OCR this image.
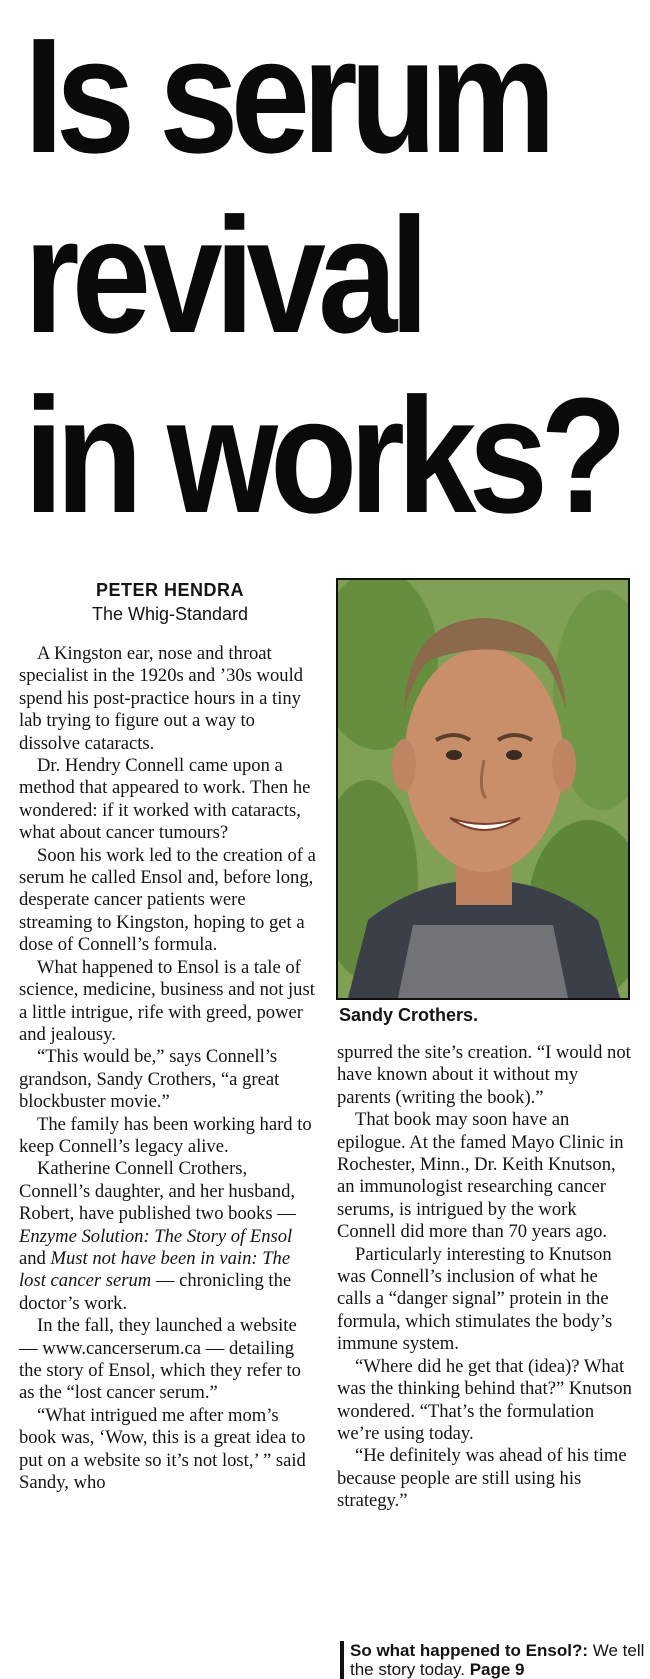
Is serum
revival
in works?
PETER HENDRA
The Whig-Standard

A Kingston ear, nose and throat specialist in the 1920s and ’30s would spend his post-practice hours in a tiny lab trying to figure out a way to dissolve cataracts.

Dr. Hendry Connell came upon a method that appeared to work. Then he wondered: if it worked with cataracts, what about cancer tumours?

Soon his work led to the creation of a serum he called Ensol and, before long, desperate cancer patients were streaming to Kingston, hoping to get a dose of Connell’s formula.

What happened to Ensol is a tale of science, medicine, business and not just a little intrigue, rife with greed, power and jealousy.

“This would be,” says Connell’s grandson, Sandy Crothers, “a great blockbuster movie.”

The family has been working hard to keep Connell’s legacy alive.

Katherine Connell Crothers, Connell’s daughter, and her husband, Robert, have published two books — Enzyme Solution: The Story of Ensol and Must not have been in vain: The lost cancer serum — chronicling the doctor’s work.

In the fall, they launched a website — www.cancerserum.ca — detailing the story of Ensol, which they refer to as the “lost cancer serum.”

“What intrigued me after mom’s book was, ‘Wow, this is a great idea to put on a website so it’s not lost,’ ” said Sandy, who

Sandy Crothers.

spurred the site’s creation. “I would not have known about it without my parents (writing the book).”

That book may soon have an epilogue. At the famed Mayo Clinic in Rochester, Minn., Dr. Keith Knutson, an immunologist researching cancer serums, is intrigued by the work Connell did more than 70 years ago.

Particularly interesting to Knutson was Connell’s inclusion of what he calls a “danger signal” protein in the formula, which stimulates the body’s immune system.

“Where did he get that (idea)? What was the thinking behind that?” Knutson wondered. “That’s the formulation we’re using today.

“He definitely was ahead of his time because people are still using his strategy.”

So what happened to Ensol?: We tell the story today. Page 9
